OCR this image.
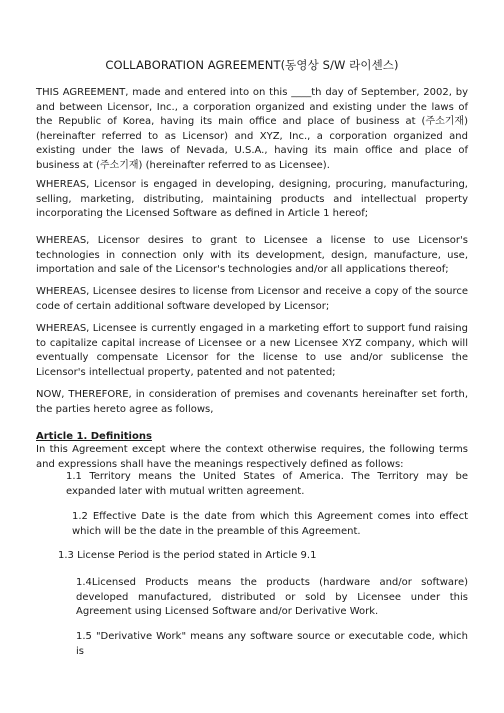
COLLABORATION AGREEMENT(동영상 S/W 라이센스)
THIS AGREEMENT, made and entered into on this ____th day of September, 2002, by and between Licensor, Inc., a corporation organized and existing under the laws of the Republic of Korea, having its main office and place of business at (주소기재) (hereinafter referred to as Licensor) and XYZ, Inc., a corporation organized and existing under the laws of Nevada, U.S.A., having its main office and place of business at (주소기재) (hereinafter referred to as Licensee).
WHEREAS, Licensor is engaged in developing, designing, procuring, manufacturing, selling, marketing, distributing, maintaining products and intellectual property incorporating the Licensed Software as defined in Article 1 hereof;
WHEREAS, Licensor desires to grant to Licensee a license to use Licensor's technologies in connection only with its development, design, manufacture, use, importation and sale of the Licensor's technologies and/or all applications thereof;
WHEREAS, Licensee desires to license from Licensor and receive a copy of the source code of certain additional software developed by Licensor;
WHEREAS, Licensee is currently engaged in a marketing effort to support fund raising to capitalize capital increase of Licensee or a new Licensee XYZ company, which will eventually compensate Licensor for the license to use and/or sublicense the Licensor's intellectual property, patented and not patented;
NOW, THEREFORE, in consideration of premises and covenants hereinafter set forth, the parties hereto agree as follows,
Article 1. Definitions
In this Agreement except where the context otherwise requires, the following terms and expressions shall have the meanings respectively defined as follows:
1.1 Territory means the United States of America. The Territory may be expanded later with mutual written agreement.
1.2 Effective Date is the date from which this Agreement comes into effect which will be the date in the preamble of this Agreement.
1.3 License Period is the period stated in Article 9.1
1.4Licensed Products means the products (hardware and/or software) developed manufactured, distributed or sold by Licensee under this Agreement using Licensed Software and/or Derivative Work.
1.5 "Derivative Work" means any software source or executable code, which is
